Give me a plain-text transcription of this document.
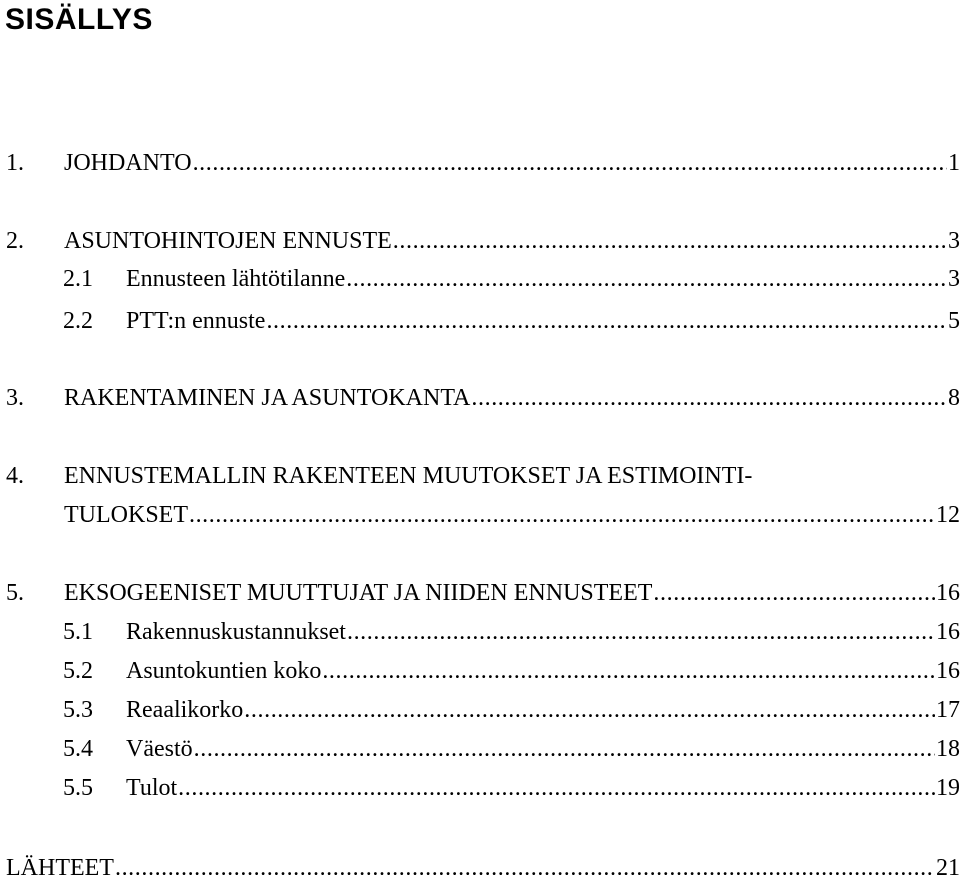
SISÄLLYS
1.	JOHDANTO .....	1
2.	ASUNTOHINTOJEN ENNUSTE .....	3
2.1	Ennusteen lähtötilanne .....	3
2.2	PTT:n ennuste .....	5
3.	RAKENTAMINEN JA ASUNTOKANTA .....	8
4. ENNUSTEMALLIN RAKENTEEN MUUTOKSET JA ESTIMOINTI-
TULOKSET .....	12
5.	EKSOGEENISET MUUTTUJAT JA NIIDEN ENNUSTEET .....	16
5.1	Rakennuskustannukset .....	16
5.2	Asuntokuntien koko .....	16
5.3	Reaalikorko .....	17
5.4	Väestö .....	18
5.5	Tulot .....	19
LÄHTEET .....	21
